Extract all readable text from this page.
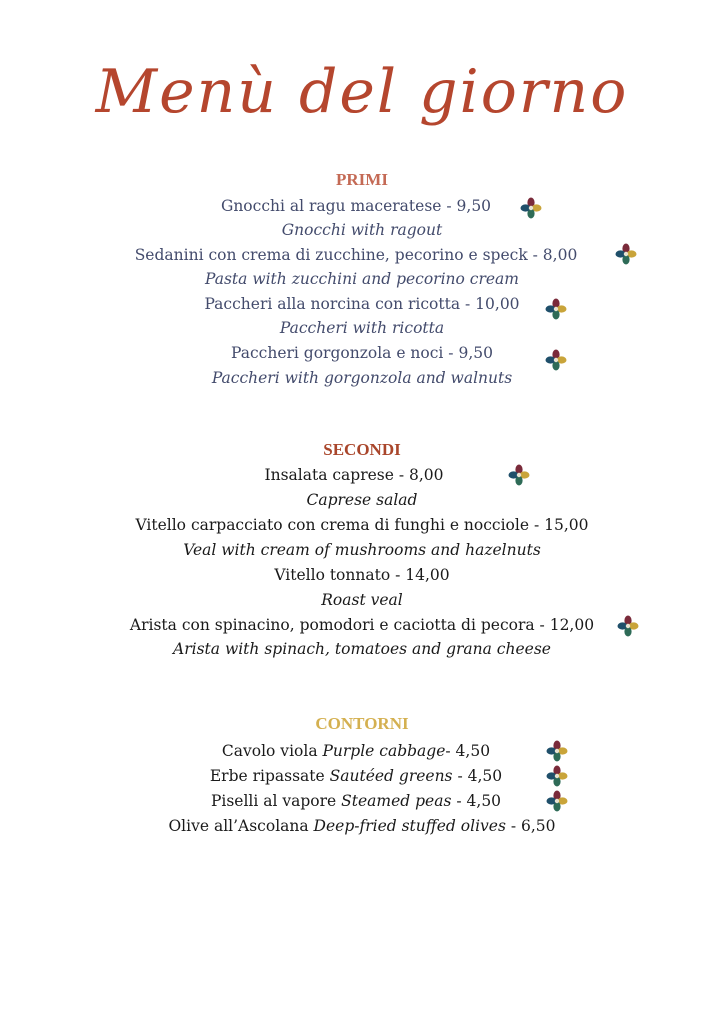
Menù del giorno
PRIMI
Gnocchi al ragu maceratese - 9,50
Gnocchi with ragout
Sedanini con crema di zucchine, pecorino e speck - 8,00
Pasta with zucchini and pecorino cream
Paccheri alla norcina con ricotta - 10,00
Paccheri with ricotta
Paccheri gorgonzola e noci - 9,50
Paccheri with gorgonzola and walnuts
SECONDI
Insalata caprese - 8,00
Caprese salad
Vitello carpacciato con crema di funghi e nocciole - 15,00
Veal with cream of mushrooms and hazelnuts
Vitello tonnato - 14,00
Roast veal
Arista con spinacino, pomodori e caciotta di pecora - 12,00
Arista with spinach, tomatoes and grana cheese
CONTORNI
Cavolo viola Purple cabbage- 4,50
Erbe ripassate Sautéed greens - 4,50
Piselli al vapore Steamed peas - 4,50
Olive all’Ascolana Deep-fried stuffed olives - 6,50
